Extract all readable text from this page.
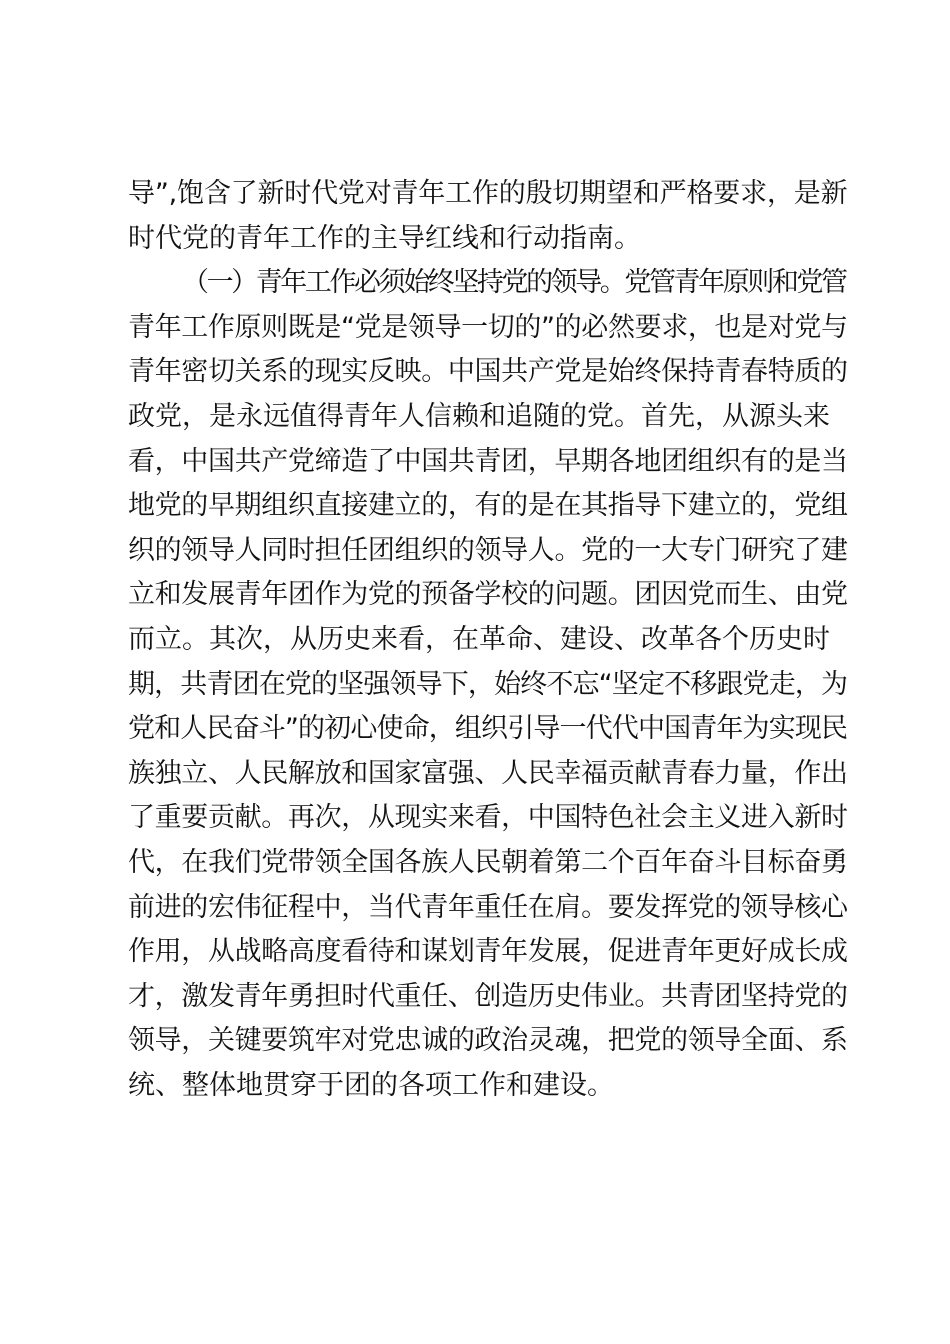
导”,饱含了新时代党对青年工作的殷切期望和严格要求，是新
时代党的青年工作的主导红线和行动指南。
（一）青年工作必须始终坚持党的领导。党管青年原则和党管
青年工作原则既是“党是领导一切的”的必然要求，也是对党与
青年密切关系的现实反映。中国共产党是始终保持青春特质的
政党，是永远值得青年人信赖和追随的党。首先，从源头来
看，中国共产党缔造了中国共青团，早期各地团组织有的是当
地党的早期组织直接建立的，有的是在其指导下建立的，党组
织的领导人同时担任团组织的领导人。党的一大专门研究了建
立和发展青年团作为党的预备学校的问题。团因党而生、由党
而立。其次，从历史来看，在革命、建设、改革各个历史时
期，共青团在党的坚强领导下，始终不忘“坚定不移跟党走，为
党和人民奋斗”的初心使命，组织引导一代代中国青年为实现民
族独立、人民解放和国家富强、人民幸福贡献青春力量，作出
了重要贡献。再次，从现实来看，中国特色社会主义进入新时
代，在我们党带领全国各族人民朝着第二个百年奋斗目标奋勇
前进的宏伟征程中，当代青年重任在肩。要发挥党的领导核心
作用，从战略高度看待和谋划青年发展，促进青年更好成长成
才，激发青年勇担时代重任、创造历史伟业。共青团坚持党的
领导，关键要筑牢对党忠诚的政治灵魂，把党的领导全面、系
统、整体地贯穿于团的各项工作和建设。
